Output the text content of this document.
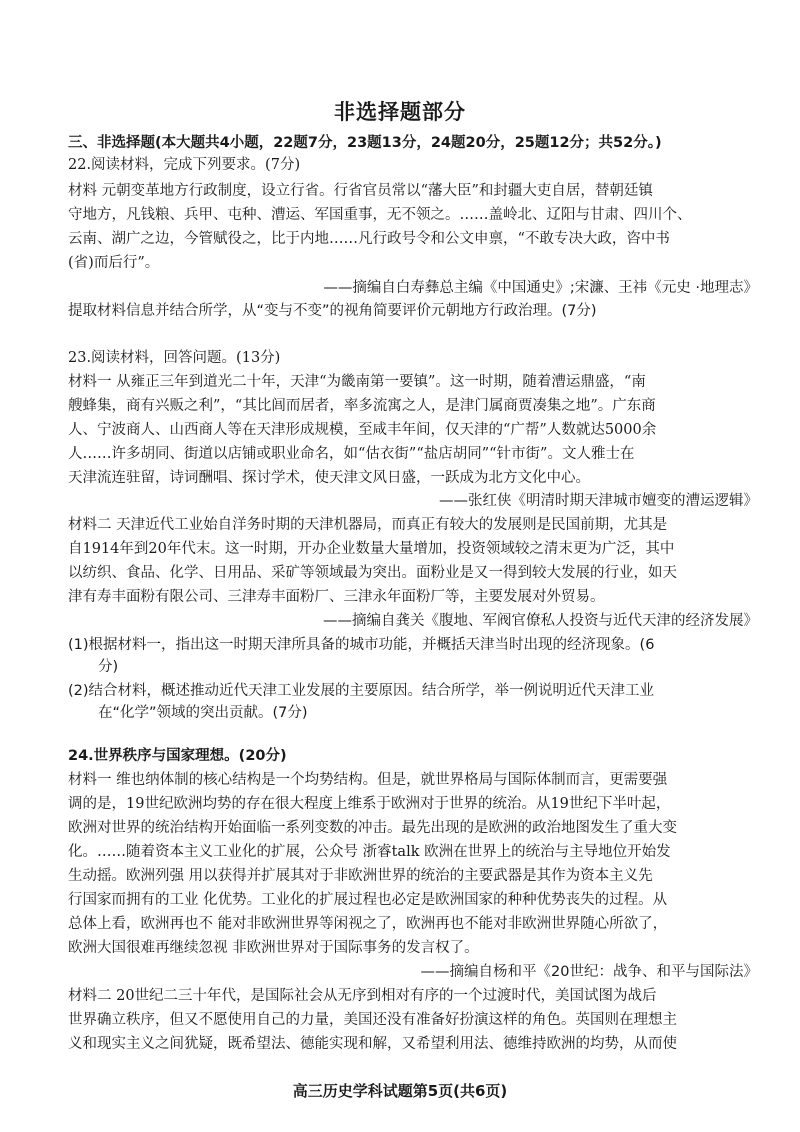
非选择题部分
三、非选择题(本大题共4小题，22题7分，23题13分，24题20分，25题12分；共52分。)
22.阅读材料，完成下列要求。(7分)
材料 元朝变革地方行政制度，设立行省。行省官员常以“藩大臣”和封疆大吏自居，替朝廷镇
守地方，凡钱粮、兵甲、屯种、漕运、军国重事，无不领之。……盖岭北、辽阳与甘肃、四川个、
云南、湖广之边，今管赋役之，比于内地……凡行政号令和公文申禀，“不敢专决大政，咨中书
(省)而后行”。
——摘编自白寿彝总主编《中国通史》;宋濂、王祎《元史 ·地理志》
提取材料信息并结合所学，从“变与不变”的视角简要评价元朝地方行政治理。(7分)
23.阅读材料，回答问题。(13分)
材料一 从雍正三年到道光二十年，天津“为畿南第一要镇”。这一时期，随着漕运鼎盛，“南
艘蜂集，商有兴贩之利”，“其比闾而居者，率多流寓之人，是津门属商贾凑集之地”。广东商
人、宁波商人、山西商人等在天津形成规模，至咸丰年间，仅天津的“广帮”人数就达5000余
人……许多胡同、街道以店铺或职业命名，如“估衣街”“盐店胡同”“针市街”。文人雅士在
天津流连驻留，诗词酬唱、探讨学术，使天津文风日盛，一跃成为北方文化中心。
——张红侠《明清时期天津城市嬗变的漕运逻辑》
材料二 天津近代工业始自洋务时期的天津机器局，而真正有较大的发展则是民国前期，尤其是
自1914年到20年代末。这一时期，开办企业数量大量增加，投资领域较之清末更为广泛，其中
以纺织、食品、化学、日用品、采矿等领域最为突出。面粉业是又一得到较大发展的行业，如天
津有寿丰面粉有限公司、三津寿丰面粉厂、三津永年面粉厂等，主要发展对外贸易。
——摘编自龚关《腹地、军阀官僚私人投资与近代天津的经济发展》
(1)根据材料一，指出这一时期天津所具备的城市功能，并概括天津当时出现的经济现象。(6
分)
(2)结合材料，概述推动近代天津工业发展的主要原因。结合所学，举一例说明近代天津工业
在“化学”领域的突出贡献。(7分)
24.世界秩序与国家理想。(20分)
材料一 维也纳体制的核心结构是一个均势结构。但是，就世界格局与国际体制而言，更需要强
调的是，19世纪欧洲均势的存在很大程度上维系于欧洲对于世界的统治。从19世纪下半叶起，
欧洲对世界的统治结构开始面临一系列变数的冲击。最先出现的是欧洲的政治地图发生了重大变
化。……随着资本主义工业化的扩展，公众号 浙睿talk 欧洲在世界上的统治与主导地位开始发
生动摇。欧洲列强 用以获得并扩展其对于非欧洲世界的统治的主要武器是其作为资本主义先
行国家而拥有的工业 化优势。工业化的扩展过程也必定是欧洲国家的种种优势丧失的过程。从
总体上看，欧洲再也不 能对非欧洲世界等闲视之了，欧洲再也不能对非欧洲世界随心所欲了，
欧洲大国很难再继续忽视 非欧洲世界对于国际事务的发言权了。
——摘编自杨和平《20世纪：战争、和平与国际法》
材料二 20世纪二三十年代，是国际社会从无序到相对有序的一个过渡时代，美国试图为战后
世界确立秩序，但又不愿使用自己的力量，美国还没有准备好扮演这样的角色。英国则在理想主
义和现实主义之间犹疑，既希望法、德能实现和解，又希望利用法、德维持欧洲的均势，从而使
高三历史学科试题第5页(共6页)
